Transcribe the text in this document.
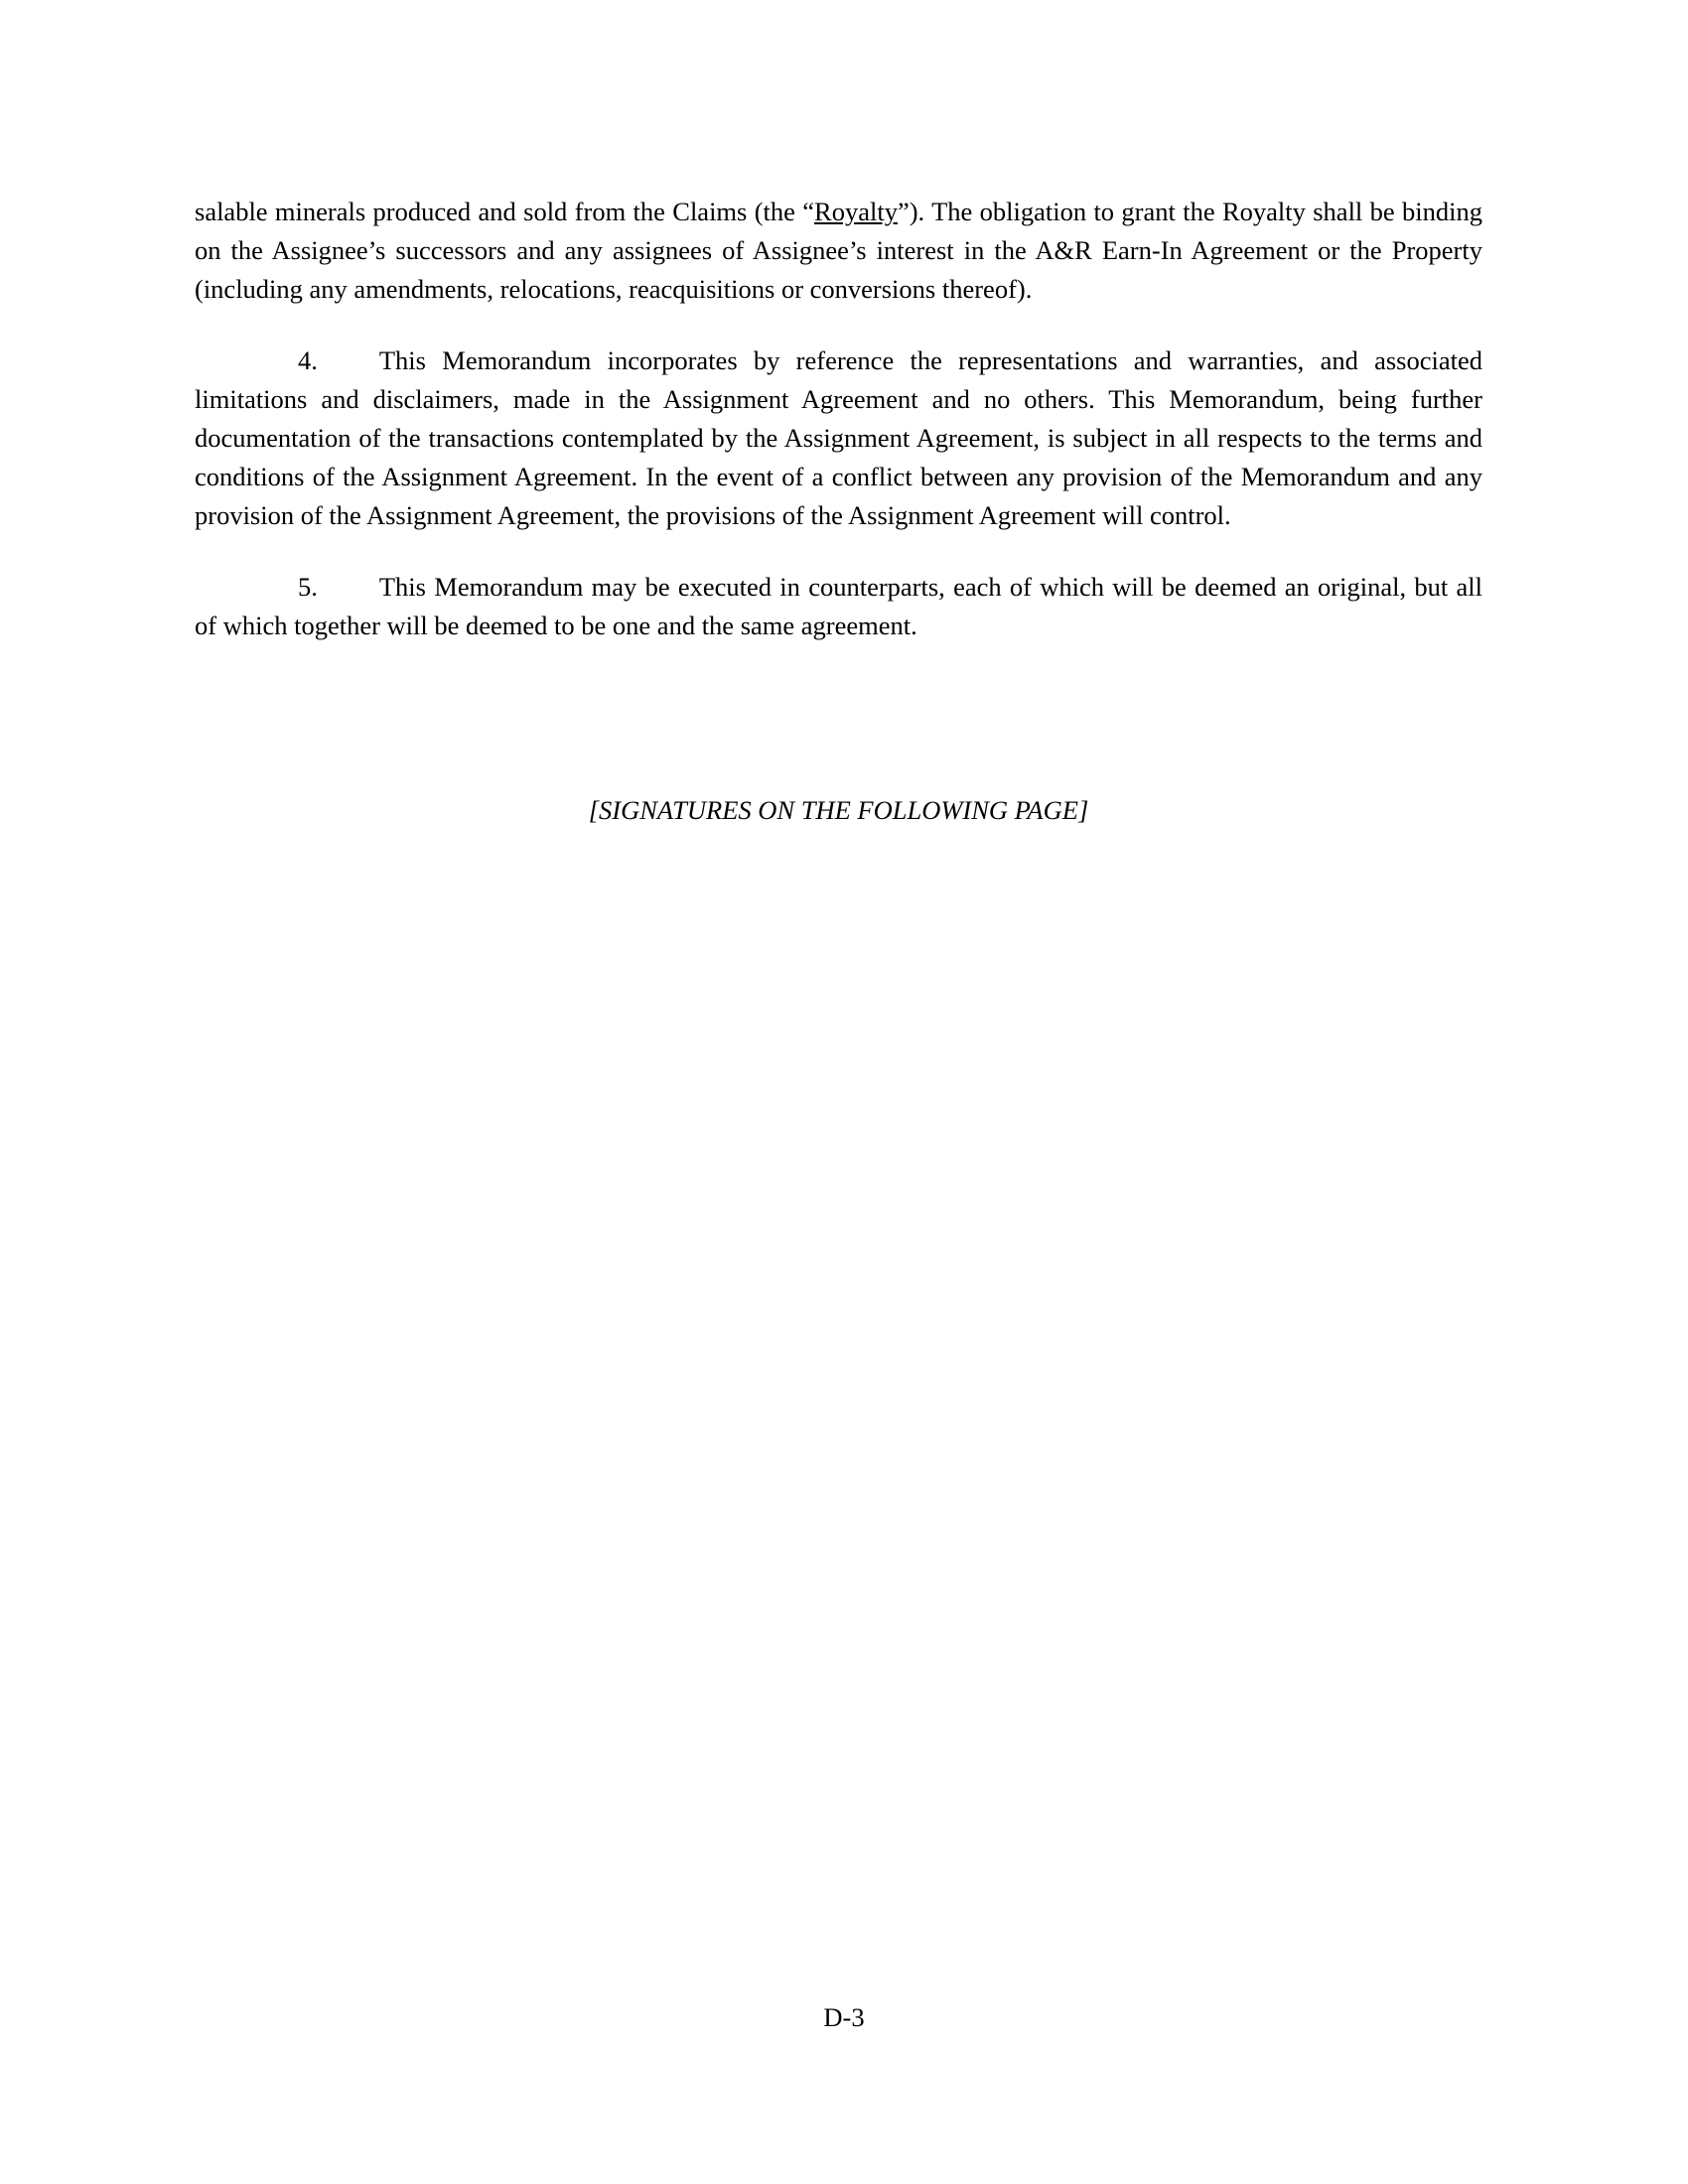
salable minerals produced and sold from the Claims (the “Royalty”). The obligation to grant the Royalty shall be binding on the Assignee’s successors and any assignees of Assignee’s interest in the A&R Earn-In Agreement or the Property (including any amendments, relocations, reacquisitions or conversions thereof).

4. This Memorandum incorporates by reference the representations and warranties, and associated limitations and disclaimers, made in the Assignment Agreement and no others. This Memorandum, being further documentation of the transactions contemplated by the Assignment Agreement, is subject in all respects to the terms and conditions of the Assignment Agreement. In the event of a conflict between any provision of the Memorandum and any provision of the Assignment Agreement, the provisions of the Assignment Agreement will control.

5. This Memorandum may be executed in counterparts, each of which will be deemed an original, but all of which together will be deemed to be one and the same agreement.

[SIGNATURES ON THE FOLLOWING PAGE]
D-3
